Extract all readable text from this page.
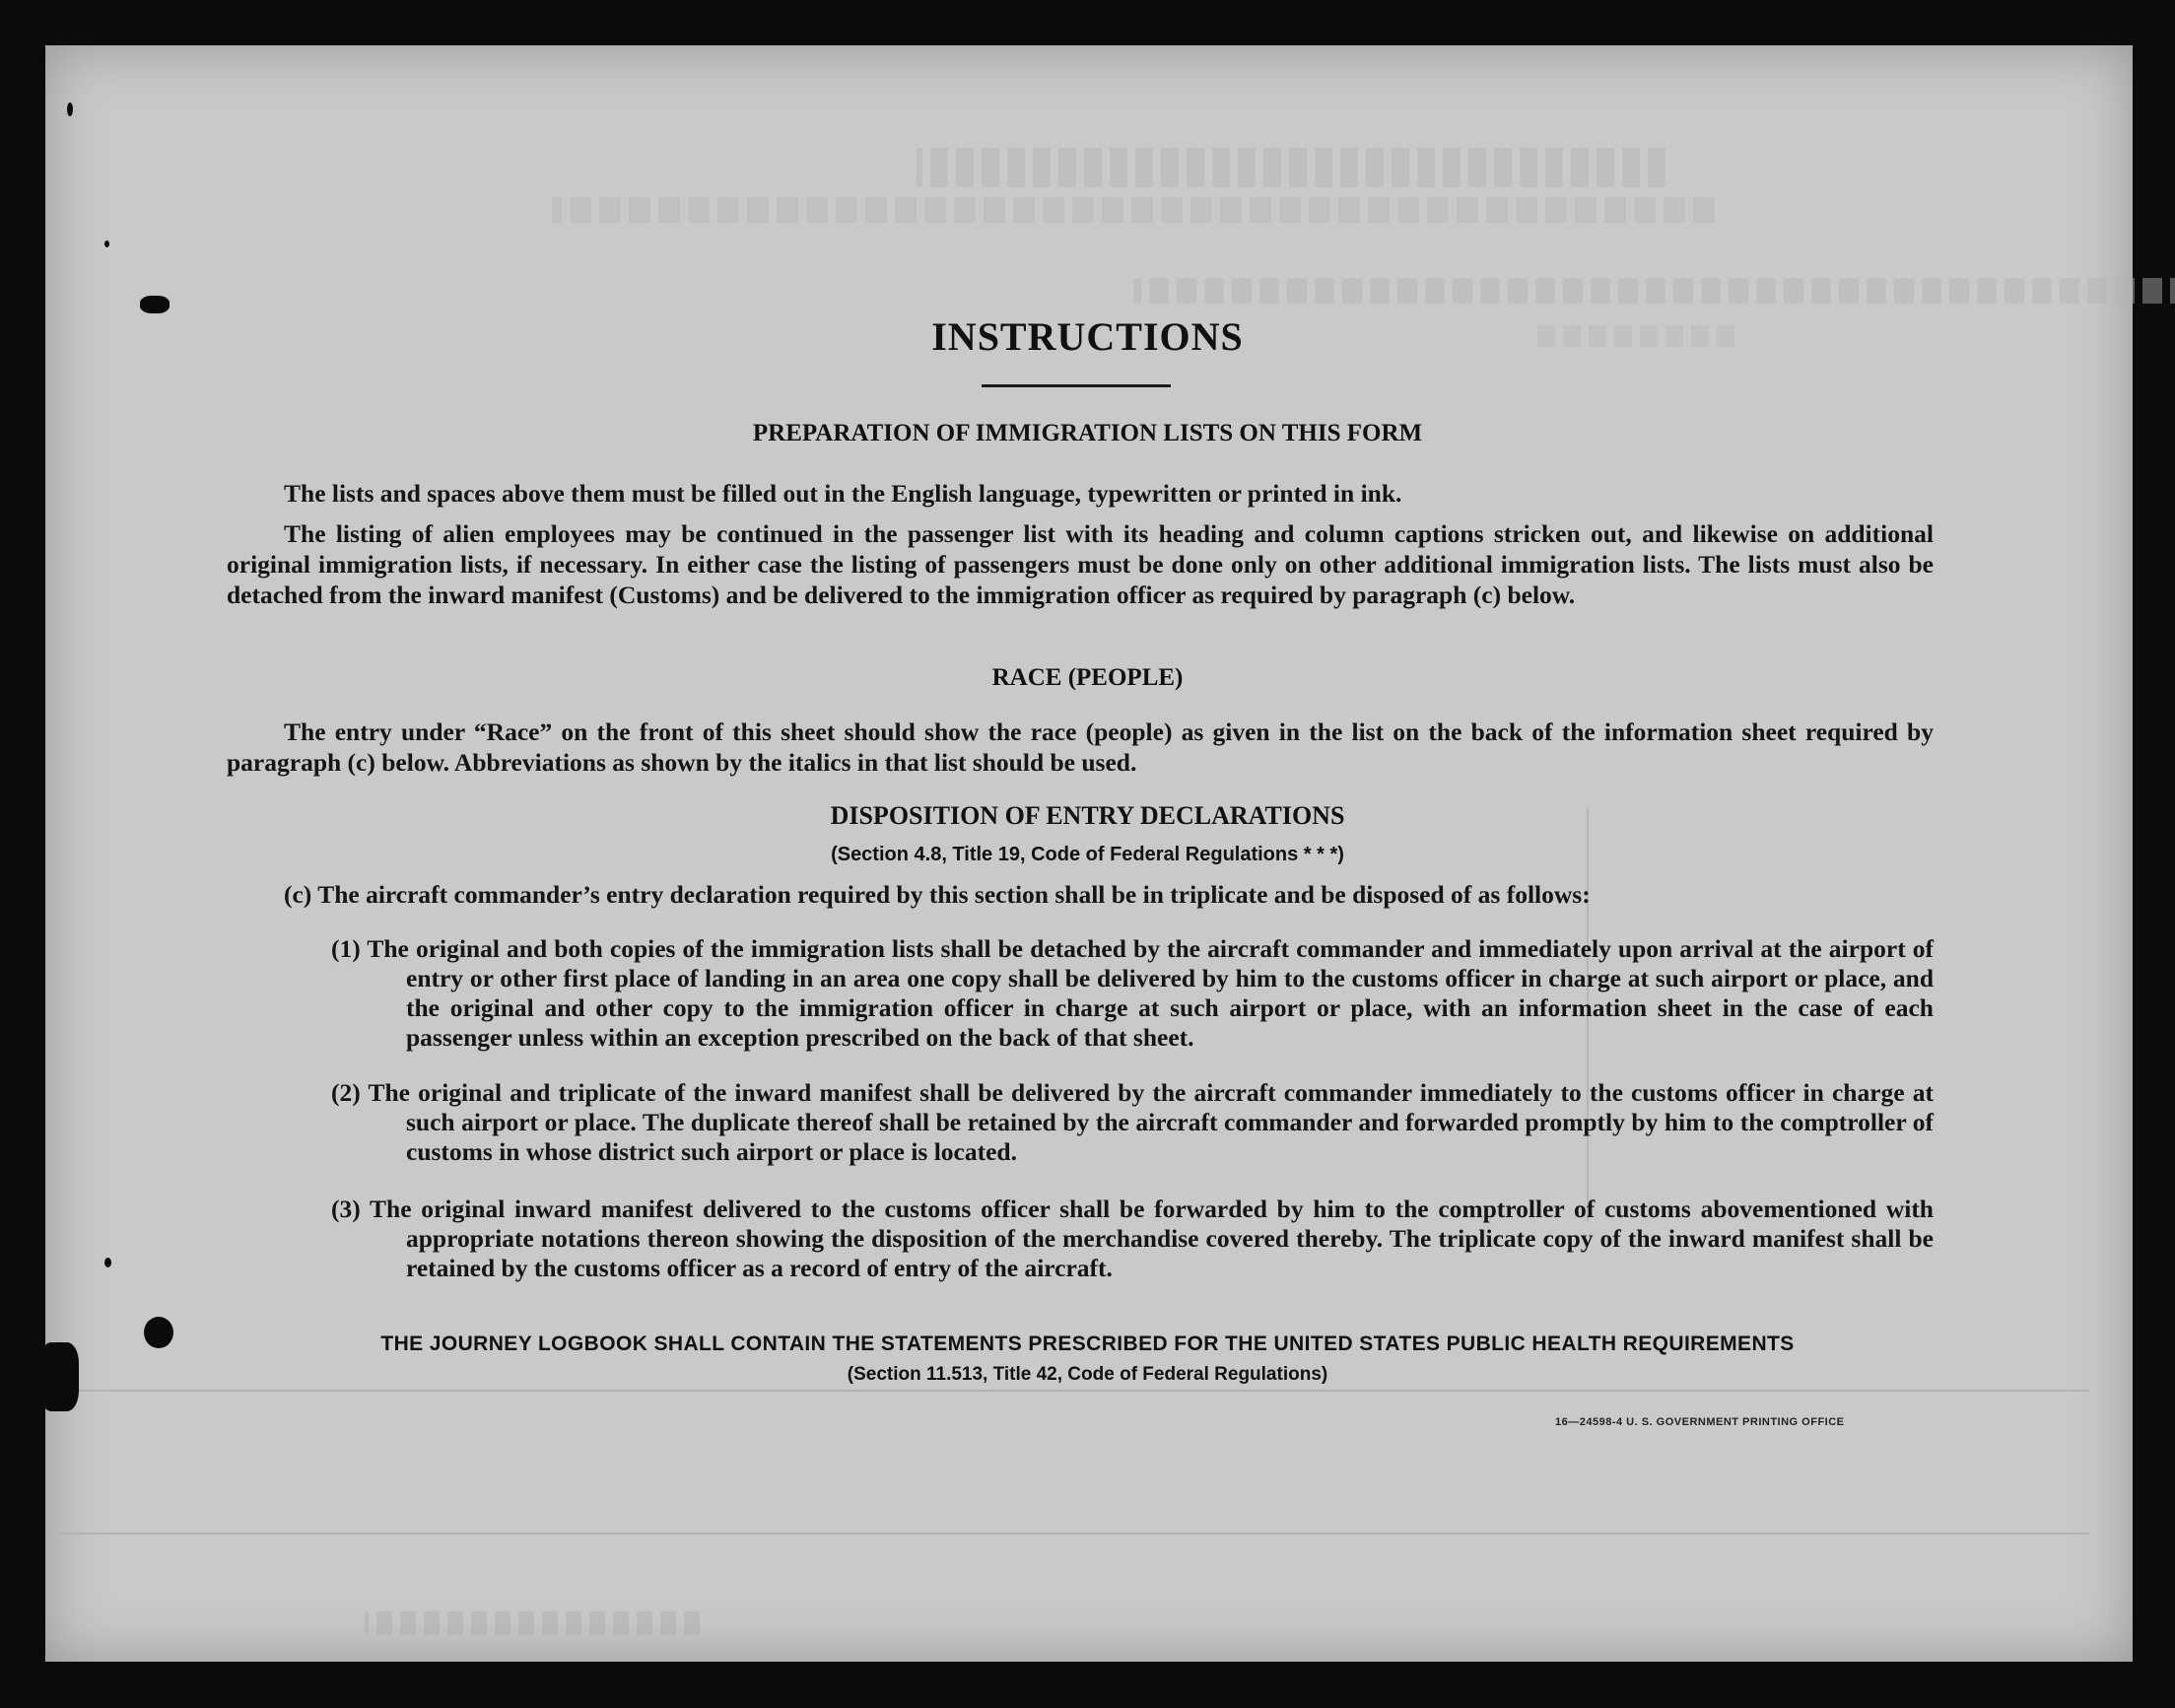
INSTRUCTIONS
PREPARATION OF IMMIGRATION LISTS ON THIS FORM

The lists and spaces above them must be filled out in the English language, typewritten or printed in ink.

The listing of alien employees may be continued in the passenger list with its heading and column captions stricken out, and likewise on additional original immigration lists, if necessary. In either case the listing of passengers must be done only on other additional immigration lists. The lists must also be detached from the inward manifest (Customs) and be delivered to the immigration officer as required by paragraph (c) below.

RACE (PEOPLE)

The entry under “Race” on the front of this sheet should show the race (people) as given in the list on the back of the information sheet required by paragraph (c) below. Abbreviations as shown by the italics in that list should be used.

DISPOSITION OF ENTRY DECLARATIONS
(Section 4.8, Title 19, Code of Federal Regulations * * *)

(c) The aircraft commander’s entry declaration required by this section shall be in triplicate and be disposed of as follows:

(1) The original and both copies of the immigration lists shall be detached by the aircraft commander and immediately upon arrival at the airport of entry or other first place of landing in an area one copy shall be delivered by him to the customs officer in charge at such airport or place, and the original and other copy to the immigration officer in charge at such airport or place, with an information sheet in the case of each passenger unless within an exception prescribed on the back of that sheet.

(2) The original and triplicate of the inward manifest shall be delivered by the aircraft commander immediately to the customs officer in charge at such airport or place. The duplicate thereof shall be retained by the aircraft commander and forwarded promptly by him to the comptroller of customs in whose district such airport or place is located.

(3) The original inward manifest delivered to the customs officer shall be forwarded by him to the comptroller of customs abovementioned with appropriate notations thereon showing the disposition of the merchandise covered thereby. The triplicate copy of the inward manifest shall be retained by the customs officer as a record of entry of the aircraft.

THE JOURNEY LOGBOOK SHALL CONTAIN THE STATEMENTS PRESCRIBED FOR THE UNITED STATES PUBLIC HEALTH REQUIREMENTS
(Section 11.513, Title 42, Code of Federal Regulations)
16—24598-4 U. S. GOVERNMENT PRINTING OFFICE
